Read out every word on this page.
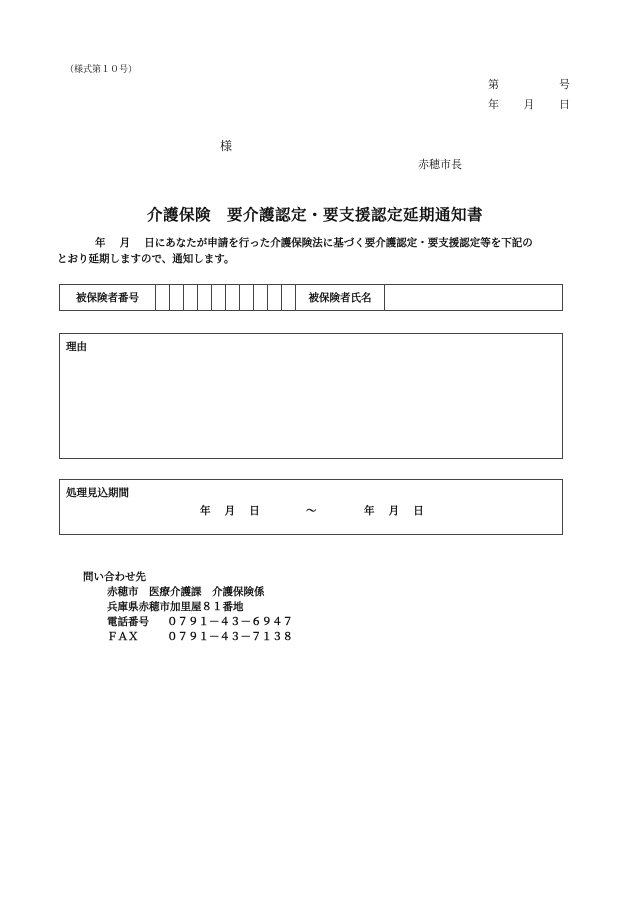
（様式第１０号）
第	号
年 月 日
様
赤穂市長
介護保険　要介護認定・要支援認定延期通知書
年　 月　 日にあなたが申請を行った介護保険法に基づく要介護認定・要支援認定等を下記の
とおり延期しますので、通知します。
被保険者番号	被保険者氏名
理由
処理見込期間
年　 月　 日	～	年　 月　 日
問い合わせ先
赤穂市　医療介護課　介護保険係
兵庫県赤穂市加里屋８１番地
電話番号	０７９１－４３－６９４７
ＦＡＸ	０７９１－４３－７１３８
